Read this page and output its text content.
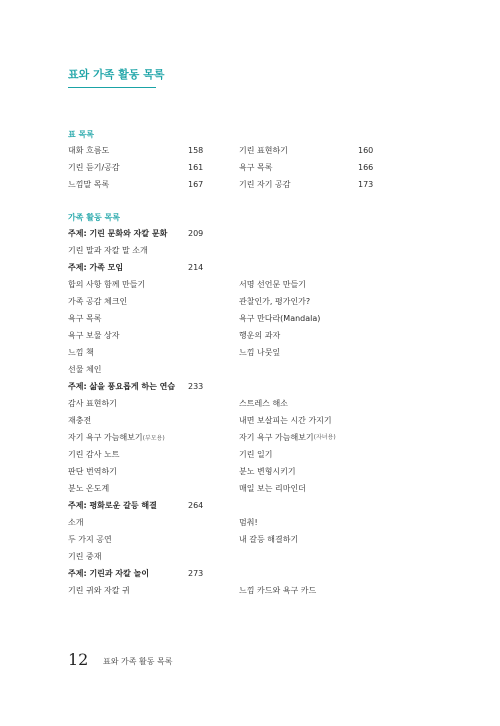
표와 가족 활동 목록
표 목록
대화 흐름도	158	기린 표현하기	160
기린 듣기/공감	161	욕구 목록	166
느낌말 목록	167	기린 자기 공감	173
가족 활동 목록
주제: 기린 문화와 자칼 문화	209
기린 말과 자칼 말 소개
주제: 가족 모임	214
합의 사항 함께 만들기	서명 선언문 만들기
가족 공감 체크인	관찰인가, 평가인가?
욕구 목록	욕구 만다라(Mandala)
욕구 보물 상자	행운의 과자
느낌 책	느낌 나뭇잎
선물 체인
주제: 삶을 풍요롭게 하는 연습 233
감사 표현하기	스트레스 해소
재충전	내면 보살피는 시간 가지기
자기 욕구 가늠해보기(부모용)	자기 욕구 가늠해보기 (자녀용)
기린 감사 노트	기린 일기
판단 번역하기	분노 변형시키기
분노 온도계	매일 보는 리마인더
주제: 평화로운 갈등 해결	264
소개	멈춰!
두 가지 공연	내 갈등 해결하기
기린 중재
주제: 기린과 자칼 놀이	273
기린 귀와 자칼 귀	느낌 카드와 욕구 카드
12 표와 가족 활동 목록
